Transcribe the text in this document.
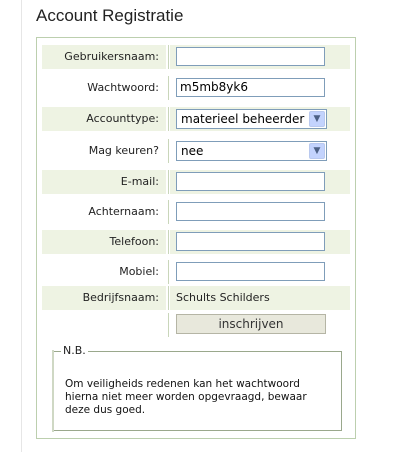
Account Registratie
Gebruikersnaam:
Wachtwoord:	m5mb8yk6
Accounttype:	materieel beheerder	▼
Mag keuren?	nee	▼
E-mail:
Achternaam:
Telefoon:
Mobiel:
Bedrijfsnaam:	Schults Schilders
inschrijven
N.B.
Om veiligheids redenen kan het wachtwoord hierna niet meer worden opgevraagd, bewaar deze dus goed.
